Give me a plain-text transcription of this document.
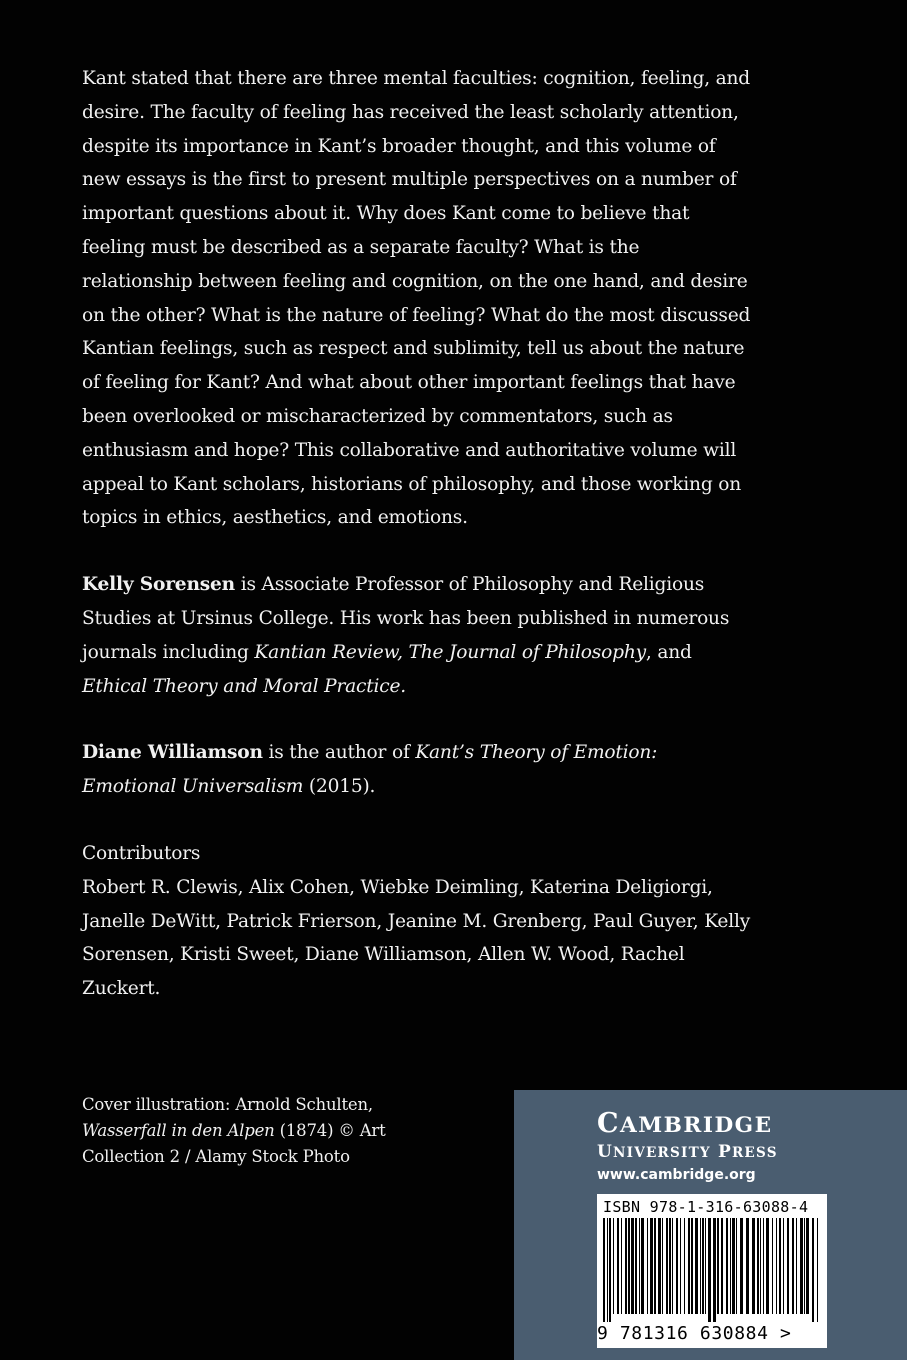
Kant stated that there are three mental faculties: cognition, feeling, and desire. The faculty of feeling has received the least scholarly attention, despite its importance in Kant’s broader thought, and this volume of new essays is the first to present multiple perspectives on a number of important questions about it. Why does Kant come to believe that feeling must be described as a separate faculty? What is the relationship between feeling and cognition, on the one hand, and desire on the other? What is the nature of feeling? What do the most discussed Kantian feelings, such as respect and sublimity, tell us about the nature of feeling for Kant? And what about other important feelings that have been overlooked or mischaracterized by commentators, such as enthusiasm and hope? This collaborative and authoritative volume will appeal to Kant scholars, historians of philosophy, and those working on topics in ethics, aesthetics, and emotions.

Kelly Sorensen is Associate Professor of Philosophy and Religious Studies at Ursinus College. His work has been published in numerous journals including Kantian Review, The Journal of Philosophy, and Ethical Theory and Moral Practice.

Diane Williamson is the author of Kant’s Theory of Emotion: Emotional Universalism (2015).

Contributors

Robert R. Clewis, Alix Cohen, Wiebke Deimling, Katerina Deligiorgi, Janelle DeWitt, Patrick Frierson, Jeanine M. Grenberg, Paul Guyer, Kelly Sorensen, Kristi Sweet, Diane Williamson, Allen W. Wood, Rachel Zuckert.

Cover illustration: Arnold Schulten, Wasserfall in den Alpen (1874) © Art Collection 2 / Alamy Stock Photo
CAMBRIDGE
UNIVERSITY PRESS
www.cambridge.org
ISBN 978-1-316-63088-4
9 781316 630884 >
